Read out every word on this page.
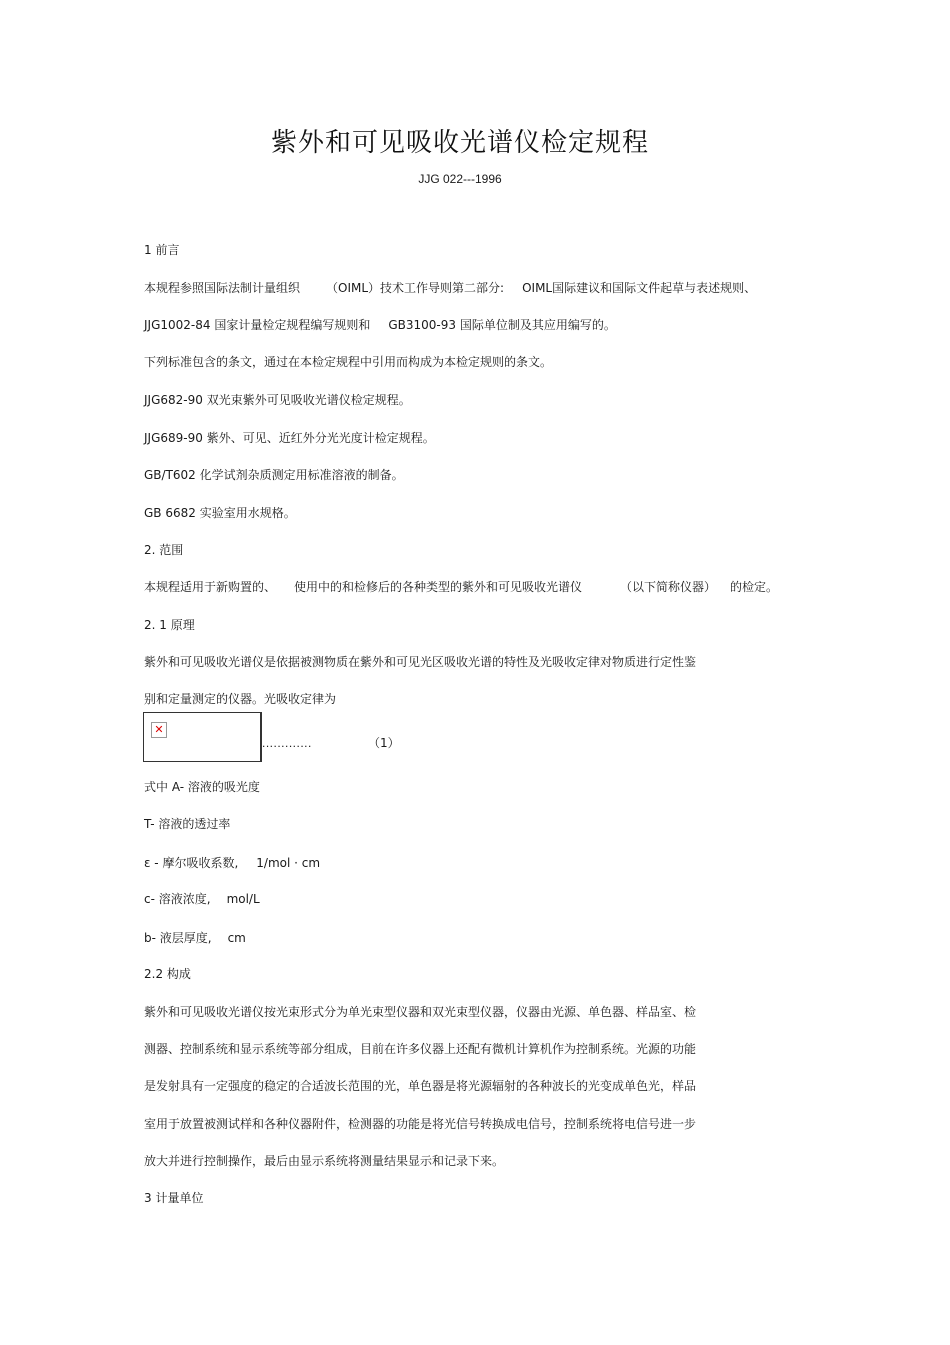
紫外和可见吸收光谱仪检定规程
JJG 022---1996
1 前言
本规程参照国际法制计量组织 （OIML）技术工作导则第二部分: OIML国际建议和国际文件起草与表述规则、
JJG1002-84 国家计量检定规程编写规则和 GB3100-93 国际单位制及其应用编写的。
下列标准包含的条文，通过在本检定规程中引用而构成为本检定规则的条文。
JJG682-90 双光束紫外可见吸收光谱仪检定规程。
JJG689-90 紫外、可见、近红外分光光度计检定规程。
GB/T602 化学试剂杂质测定用标准溶液的制备。
GB 6682 实验室用水规格。
2. 范围
本规程适用于新购置的、 使用中的和检修后的各种类型的紫外和可见吸收光谱仪	（以下简称仪器） 的检定。
2. 1 原理
紫外和可见吸收光谱仪是依据被测物质在紫外和可见光区吸收光谱的特性及光吸收定律对物质进行定性鉴
别和定量测定的仪器。光吸收定律为
✕
.............	（1）
式中 A- 溶液的吸光度
T- 溶液的透过率
ε - 摩尔吸收系数, 1/mol · cm
c- 溶液浓度, mol/L
b- 液层厚度, cm
2.2 构成
紫外和可见吸收光谱仪按光束形式分为单光束型仪器和双光束型仪器，仪器由光源、单色器、样品室、检
测器、控制系统和显示系统等部分组成，目前在许多仪器上还配有微机计算机作为控制系统。光源的功能
是发射具有一定强度的稳定的合适波长范围的光，单色器是将光源辐射的各种波长的光变成单色光，样品
室用于放置被测试样和各种仪器附件，检测器的功能是将光信号转换成电信号，控制系统将电信号进一步
放大并进行控制操作，最后由显示系统将测量结果显示和记录下来。
3 计量单位
